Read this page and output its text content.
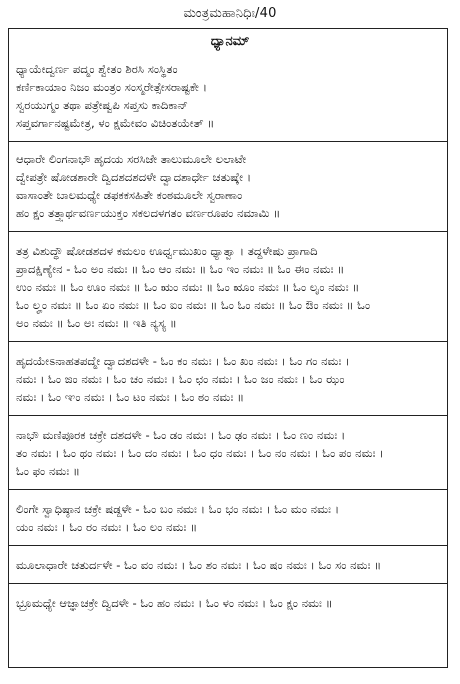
ಮಂತ್ರಮಹಾನಿಧಿಃ/40
ಧ್ಯಾನಮ್

ಧ್ಯಾಯೇದ್ವರ್ಣ ಪದ್ಮಂ ಶ್ವೇತಂ ಶಿರಸಿ ಸಂಸ್ಥಿತಂ

ಕರ್ಣಿಕಾಯಾಂ ನಿಜಂ ಮಂತ್ರಂ ಸಂಸ್ಮರೇತ್ಸೇಸರಾಷ್ಟಕೇ ।

ಸ್ವರಯುಗ್ಮಂ ತಥಾ ಪತ್ರೇಷ್ವಪಿ ಸಪ್ತಸು ಕಾದಿಕಾನ್

ಸಪ್ತವರ್ಗಾನಷ್ಟಮೇತ್ರ, ಳಂ ಕ್ಷಮೇವಂ ವಿಚಿಂತಯೇತ್ ॥

ಆಧಾರೇ ಲಿಂಗನಾಭೌ ಹೃದಯ ಸರಸಿಜೇ ತಾಲುಮೂಲೇ ಲಲಾಟೇ

ದ್ವೇಪತ್ರೇ ಷೋಡಶಾರೇ ದ್ವಿದಶದಶದಳೇ ದ್ವಾದಶಾರ್ಧೇ ಚತುಷ್ಕೇ ।

ವಾಸಾಂತೇ ಬಾಲಮಧ್ಯೇ ಡಫಕಕಸಹಿತೇ ಕಂಠಮೂಲೇ ಸ್ವರಾಣಾಂ

ಹಂ ಕ್ಷಂ ತತ್ತ್ವಾರ್ಥವರ್ಣಯುಕ್ತಂ ಸಕಲದಳಗತಂ ವರ್ಣರೂಪಂ ನಮಾಮಿ ॥

ತತ್ರ ವಿಶುದ್ಧೌ ಷೋಡಶದಳ ಕಮಲಂ ಊರ್ಧ್ವಮುಖಂ ಧ್ಯಾತ್ವಾ । ತದ್ದಳೇಷು ಪ್ರಾಗಾದಿ

ಪ್ರಾದಕ್ಷಿಣ್ಯೇನ - ಓಂ ಅಂ ನಮಃ ॥ ಓಂ ಆಂ ನಮಃ ॥ ಓಂ ಇಂ ನಮಃ ॥ ಓಂ ಈಂ ನಮಃ ॥

ಉಂ ನಮಃ ॥ ಓಂ ಊಂ ನಮಃ ॥ ಓಂ ಋಂ ನಮಃ ॥ ಓಂ ೠಂ ನಮಃ ॥ ಓಂ ಲೃಂ ನಮಃ ॥

ಓಂ ಲೄಂ ನಮಃ ॥ ಓಂ ಏಂ ನಮಃ ॥ ಓಂ ಐಂ ನಮಃ ॥ ಓಂ ಓಂ ನಮಃ ॥ ಓಂ ಔಂ ನಮಃ ॥ ಓಂ

ಅಂ ನಮಃ ॥ ಓಂ ಅಃ ನಮಃ ॥ ಇತಿ ನ್ಯಸ್ಯ ॥

ಹೃದಯೇಽನಾಹತಪದ್ಮೇ ದ್ವಾದಶದಳೇ - ಓಂ ಕಂ ನಮಃ । ಓಂ ಖಂ ನಮಃ । ಓಂ ಗಂ ನಮಃ ।

ನಮಃ । ಓಂ ಙಂ ನಮಃ । ಓಂ ಚಂ ನಮಃ । ಓಂ ಛಂ ನಮಃ । ಓಂ ಜಂ ನಮಃ । ಓಂ ಝಂ

ನಮಃ । ಓಂ ಞಂ ನಮಃ । ಓಂ ಟಂ ನಮಃ । ಓಂ ಠಂ ನಮಃ ॥

ನಾಭೌ ಮಣಿಪೂರಕ ಚಕ್ರೇ ದಶದಳೇ - ಓಂ ಡಂ ನಮಃ । ಓಂ ಢಂ ನಮಃ । ಓಂ ಣಂ ನಮಃ ।

ತಂ ನಮಃ । ಓಂ ಥಂ ನಮಃ । ಓಂ ದಂ ನಮಃ । ಓಂ ಧಂ ನಮಃ । ಓಂ ನಂ ನಮಃ । ಓಂ ಪಂ ನಮಃ ।

ಓಂ ಫಂ ನಮಃ ॥

ಲಿಂಗೇ ಸ್ವಾಧಿಷ್ಠಾನ ಚಕ್ರೇ ಷಡ್ದಳೇ - ಓಂ ಬಂ ನಮಃ । ಓಂ ಭಂ ನಮಃ । ಓಂ ಮಂ ನಮಃ ।

ಯಂ ನಮಃ । ಓಂ ರಂ ನಮಃ । ಓಂ ಲಂ ನಮಃ ॥

ಮೂಲಾಧಾರೇ ಚತುರ್ದಳೇ - ಓಂ ವಂ ನಮಃ । ಓಂ ಶಂ ನಮಃ । ಓಂ ಷಂ ನಮಃ । ಓಂ ಸಂ ನಮಃ ॥

ಭ್ರೂಮಧ್ಯೇ ಆಜ್ಞಾಚಕ್ರೇ ದ್ವಿದಳೇ - ಓಂ ಹಂ ನಮಃ । ಓಂ ಳಂ ನಮಃ । ಓಂ ಕ್ಷಂ ನಮಃ ॥
